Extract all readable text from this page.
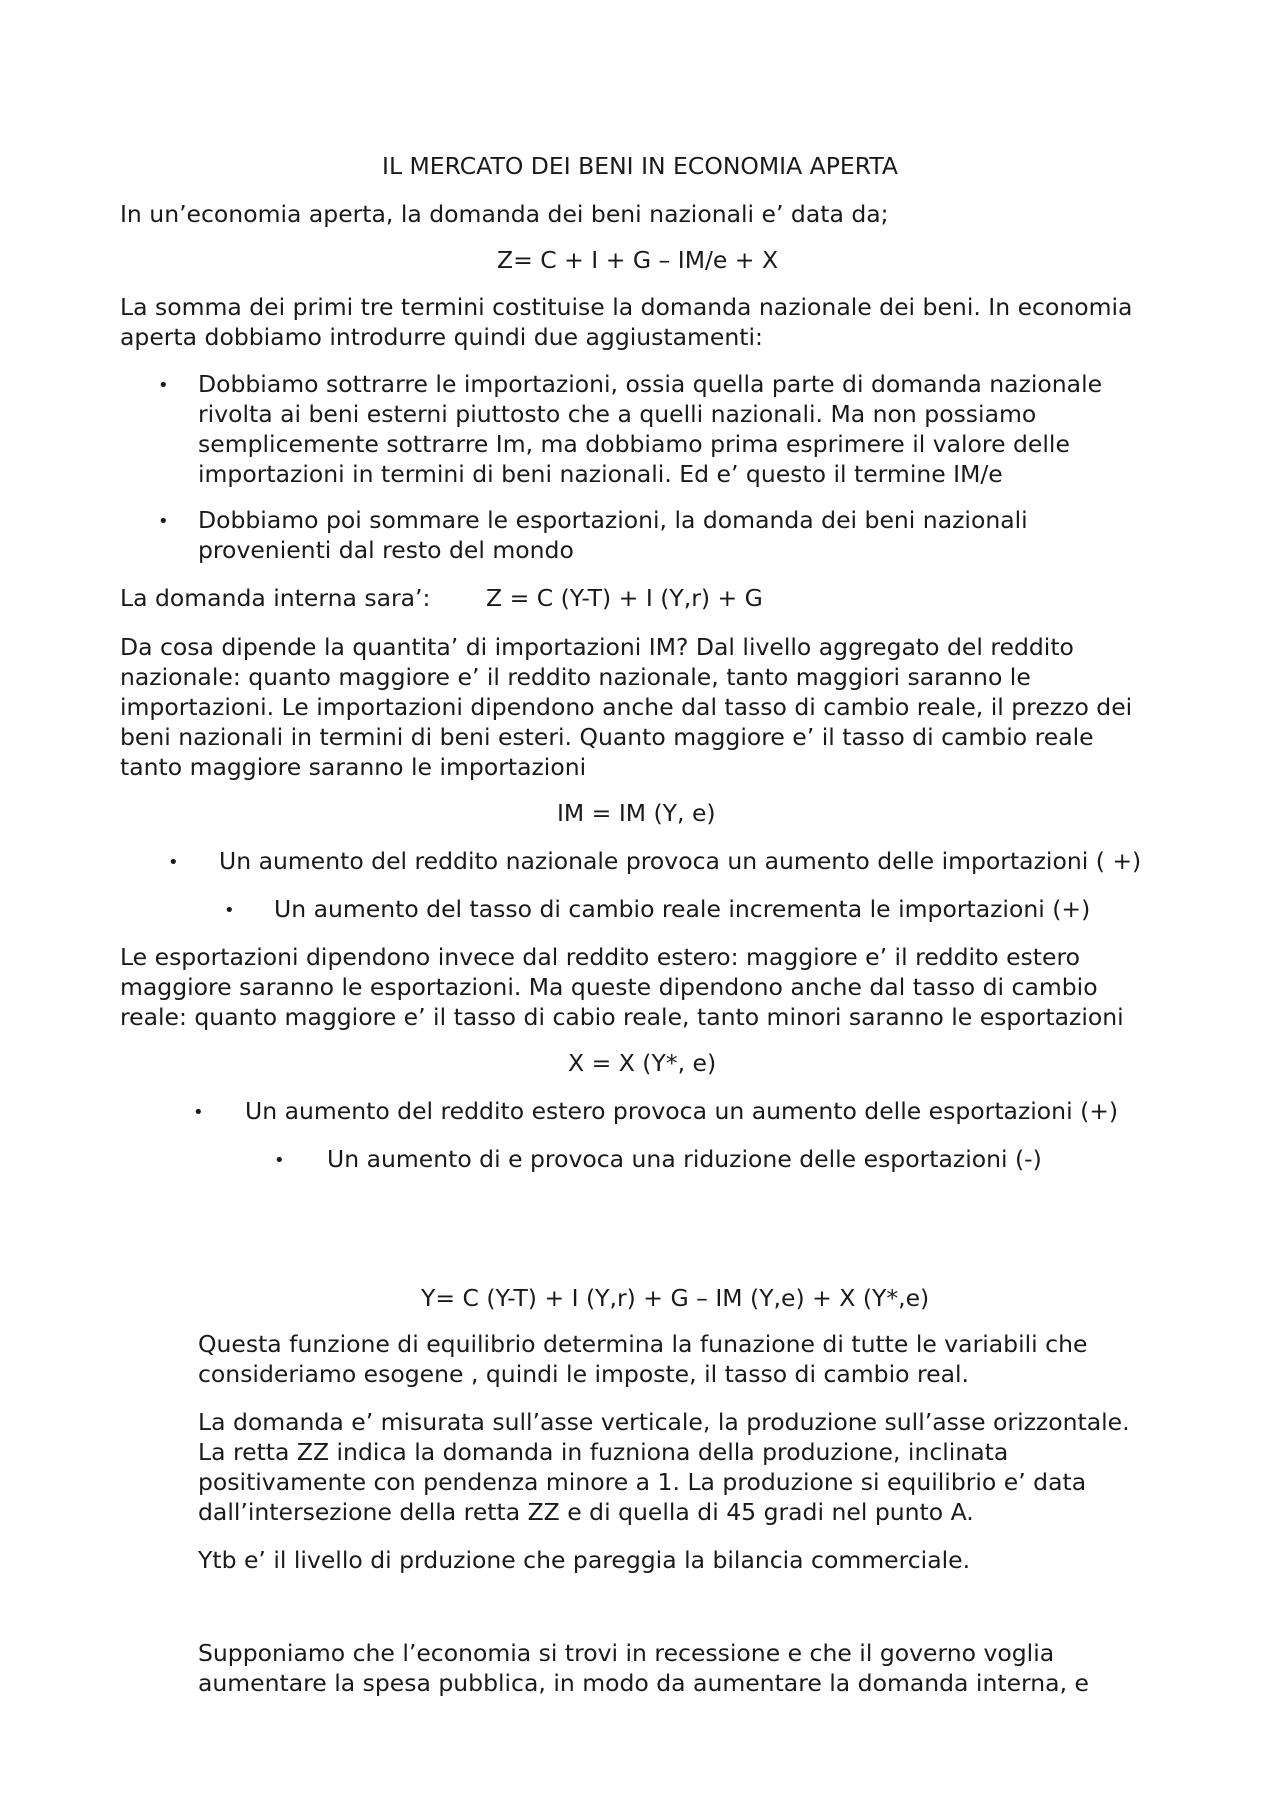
IL MERCATO DEI BENI IN ECONOMIA APERTA
In un’economia aperta, la domanda dei beni nazionali e’ data da;
Z= C + I + G – IM/e + X
La somma dei primi tre termini costituise la domanda nazionale dei beni. In economia
aperta dobbiamo introdurre quindi due aggiustamenti:
• Dobbiamo sottrarre le importazioni, ossia quella parte di domanda nazionale
rivolta ai beni esterni piuttosto che a quelli nazionali. Ma non possiamo
semplicemente sottrarre Im, ma dobbiamo prima esprimere il valore delle
importazioni in termini di beni nazionali. Ed e’ questo il termine IM/e
• Dobbiamo poi sommare le esportazioni, la domanda dei beni nazionali
provenienti dal resto del mondo
La domanda interna sara’: Z = C (Y-T) + I (Y,r) + G
Da cosa dipende la quantita’ di importazioni IM? Dal livello aggregato del reddito
nazionale: quanto maggiore e’ il reddito nazionale, tanto maggiori saranno le
importazioni. Le importazioni dipendono anche dal tasso di cambio reale, il prezzo dei
beni nazionali in termini di beni esteri. Quanto maggiore e’ il tasso di cambio reale
tanto maggiore saranno le importazioni
IM = IM (Y, e)
• Un aumento del reddito nazionale provoca un aumento delle importazioni ( +)
• Un aumento del tasso di cambio reale incrementa le importazioni (+)
Le esportazioni dipendono invece dal reddito estero: maggiore e’ il reddito estero
maggiore saranno le esportazioni. Ma queste dipendono anche dal tasso di cambio
reale: quanto maggiore e’ il tasso di cabio reale, tanto minori saranno le esportazioni
X = X (Y*, e)
• Un aumento del reddito estero provoca un aumento delle esportazioni (+)
• Un aumento di e provoca una riduzione delle esportazioni (-)
Y= C (Y-T) + I (Y,r) + G – IM (Y,e) + X (Y*,e)
Questa funzione di equilibrio determina la funazione di tutte le variabili che
consideriamo esogene , quindi le imposte, il tasso di cambio real.
La domanda e’ misurata sull’asse verticale, la produzione sull’asse orizzontale.
La retta ZZ indica la domanda in fuzniona della produzione, inclinata
positivamente con pendenza minore a 1. La produzione si equilibrio e’ data
dall’intersezione della retta ZZ e di quella di 45 gradi nel punto A.
Ytb e’ il livello di prduzione che pareggia la bilancia commerciale.
Supponiamo che l’economia si trovi in recessione e che il governo voglia
aumentare la spesa pubblica, in modo da aumentare la domanda interna, e
